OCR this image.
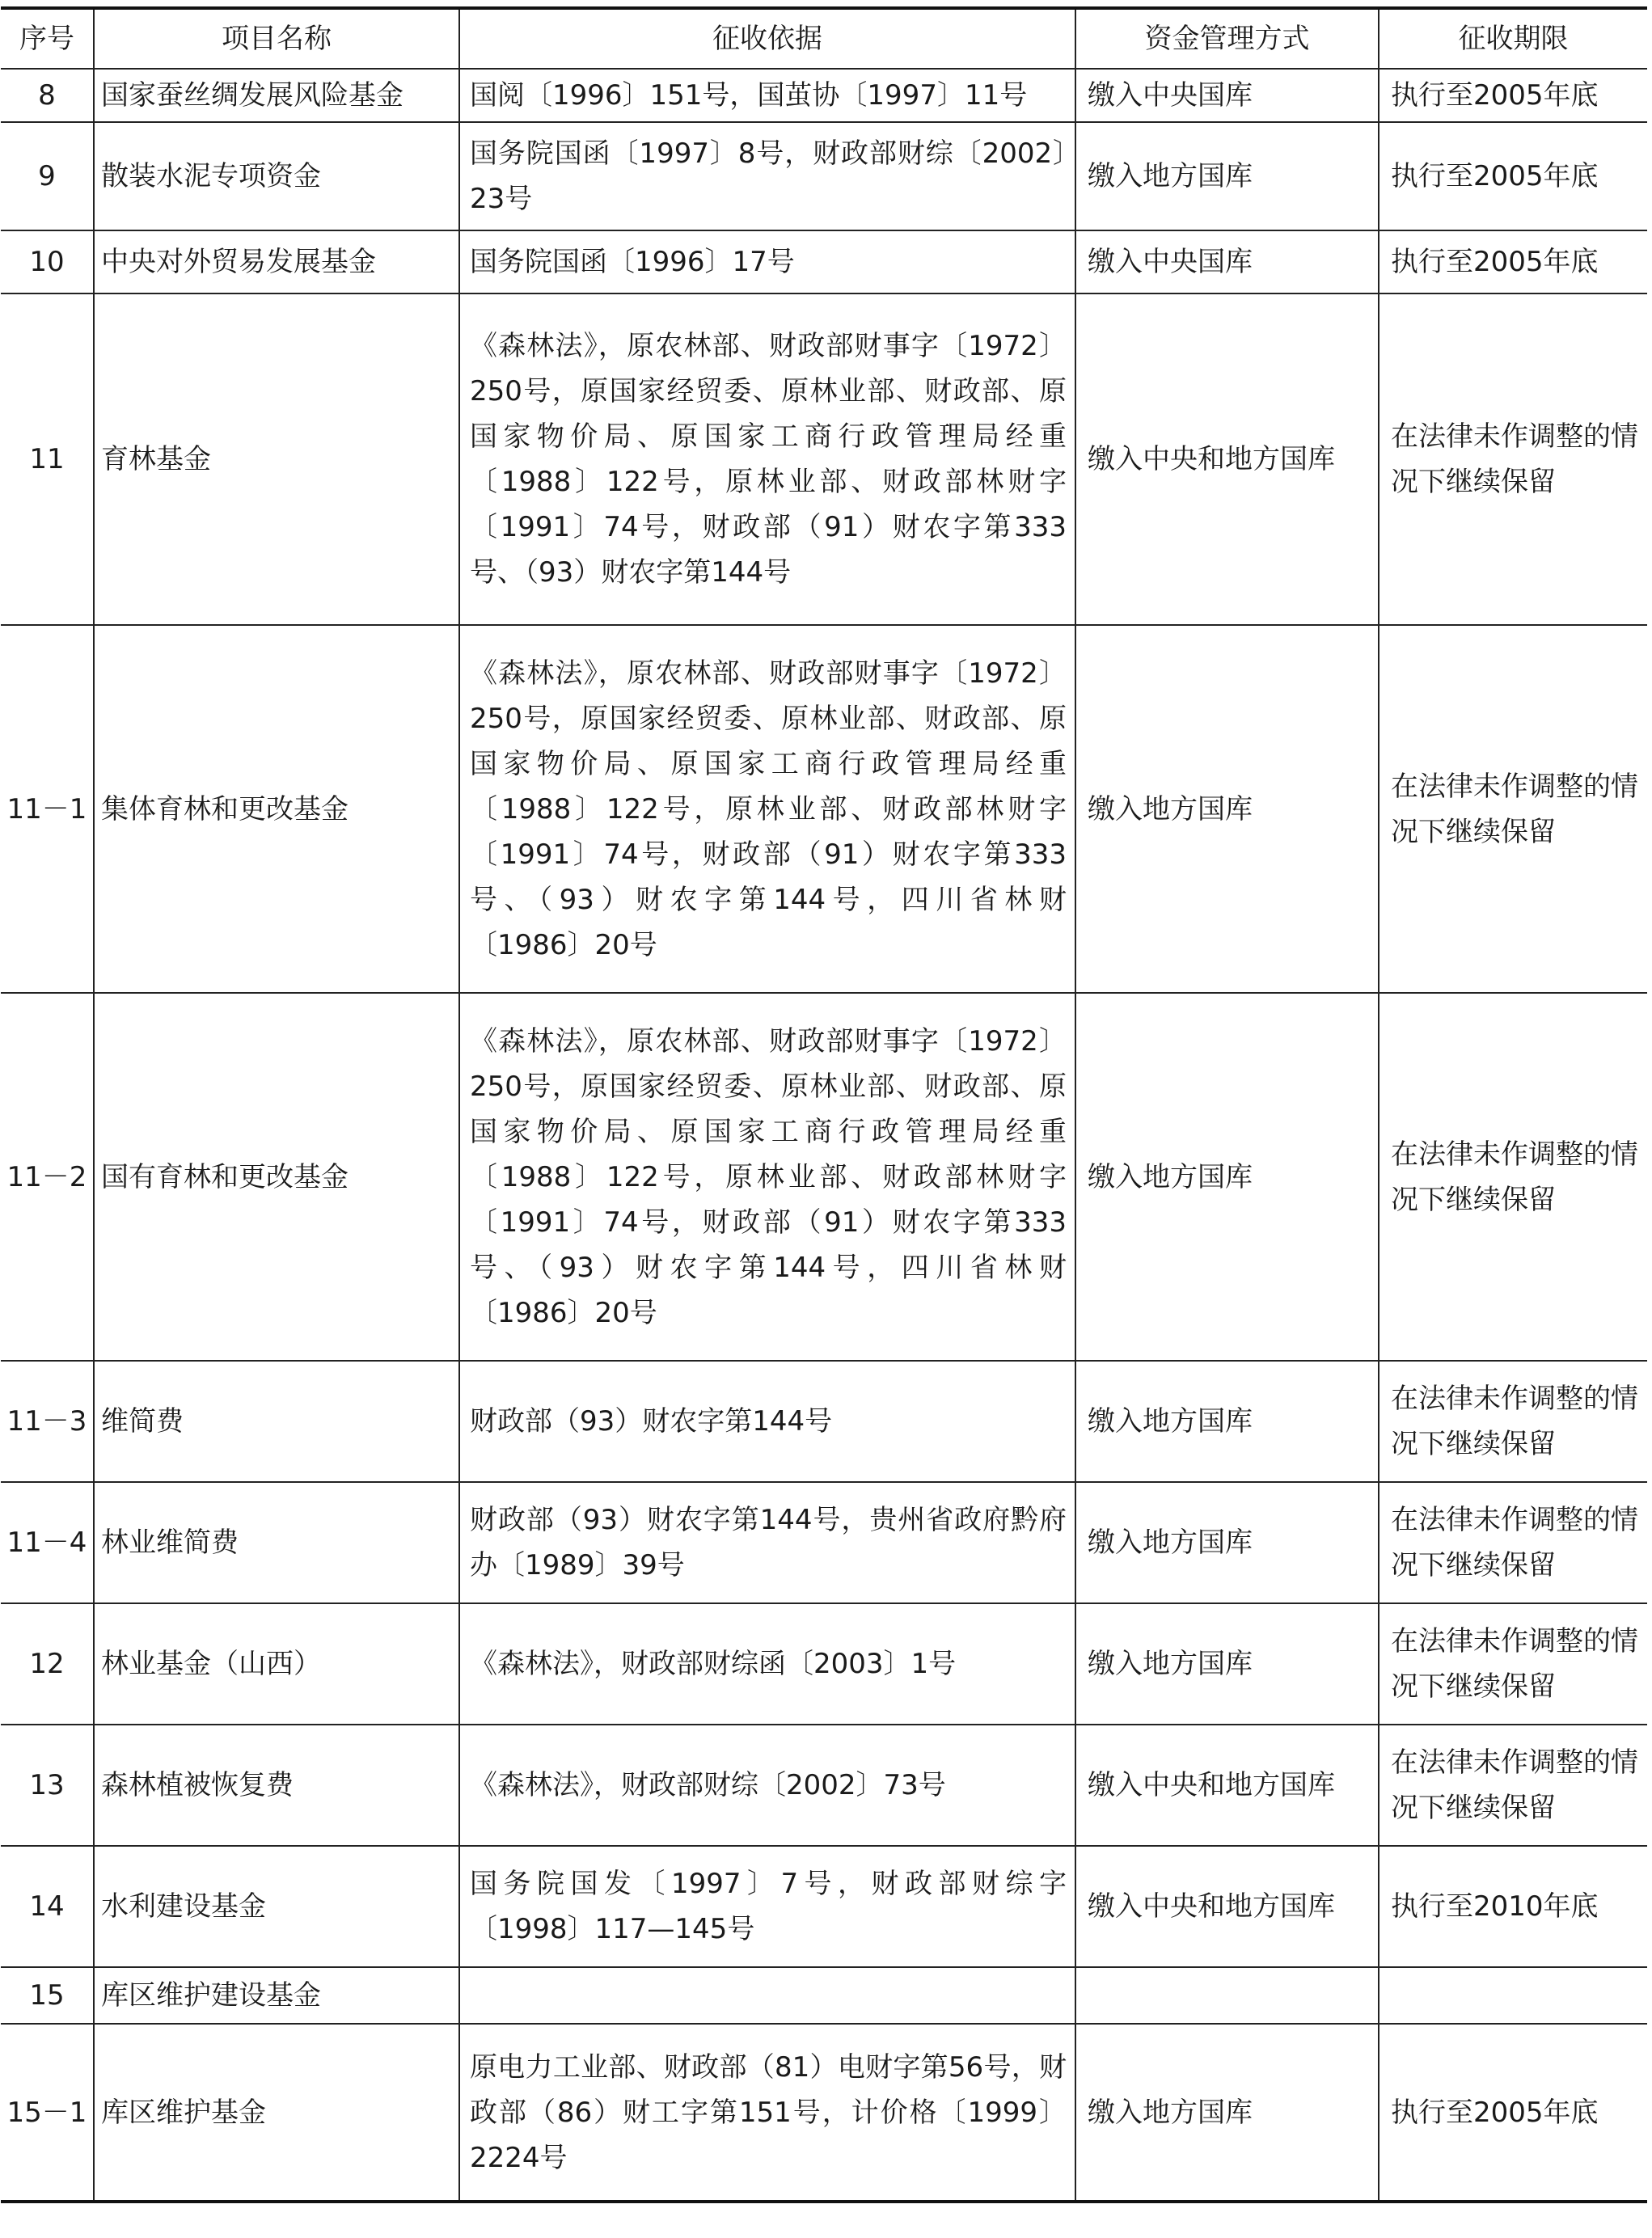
序号	项目名称	征收依据	资金管理方式	征收期限
8	国家蚕丝绸发展风险基金	国阅〔1996〕151号，国茧协〔1997〕11号	缴入中央国库	执行至2005年底
9	散装水泥专项资金	国务院国函〔1997〕8号，财政部财综〔2002〕23号	缴入地方国库	执行至2005年底
10	中央对外贸易发展基金	国务院国函〔1996〕17号	缴入中央国库	执行至2005年底
11	育林基金	《森林法》，原农林部、财政部财事字〔1972〕250号，原国家经贸委、原林业部、财政部、原国家物价局、原国家工商行政管理局经重〔1988〕122号，原林业部、财政部林财字〔1991〕74号，财政部（91）财农字第333号、（93）财农字第144号	缴入中央和地方国库	在法律未作调整的情况下继续保留
11－1	集体育林和更改基金	《森林法》，原农林部、财政部财事字〔1972〕250号，原国家经贸委、原林业部、财政部、原国家物价局、原国家工商行政管理局经重〔1988〕122号，原林业部、财政部林财字〔1991〕74号，财政部（91）财农字第333号、（93）财农字第144号，四川省林财〔1986〕20号	缴入地方国库	在法律未作调整的情况下继续保留
11－2	国有育林和更改基金	《森林法》，原农林部、财政部财事字〔1972〕250号，原国家经贸委、原林业部、财政部、原国家物价局、原国家工商行政管理局经重〔1988〕122号，原林业部、财政部林财字〔1991〕74号，财政部（91）财农字第333号、（93）财农字第144号，四川省林财〔1986〕20号	缴入地方国库	在法律未作调整的情况下继续保留
11－3	维简费	财政部（93）财农字第144号	缴入地方国库	在法律未作调整的情况下继续保留
11－4	林业维简费	财政部（93）财农字第144号，贵州省政府黔府办〔1989〕39号	缴入地方国库	在法律未作调整的情况下继续保留
12	林业基金（山西）	《森林法》，财政部财综函〔2003〕1号	缴入地方国库	在法律未作调整的情况下继续保留
13	森林植被恢复费	《森林法》，财政部财综〔2002〕73号	缴入中央和地方国库	在法律未作调整的情况下继续保留
14	水利建设基金	国务院国发〔1997〕7号，财政部财综字〔1998〕117—145号	缴入中央和地方国库	执行至2010年底
15	库区维护建设基金			
15－1	库区维护基金	原电力工业部、财政部（81）电财字第56号，财政部（86）财工字第151号，计价格〔1999〕2224号	缴入地方国库	执行至2005年底
